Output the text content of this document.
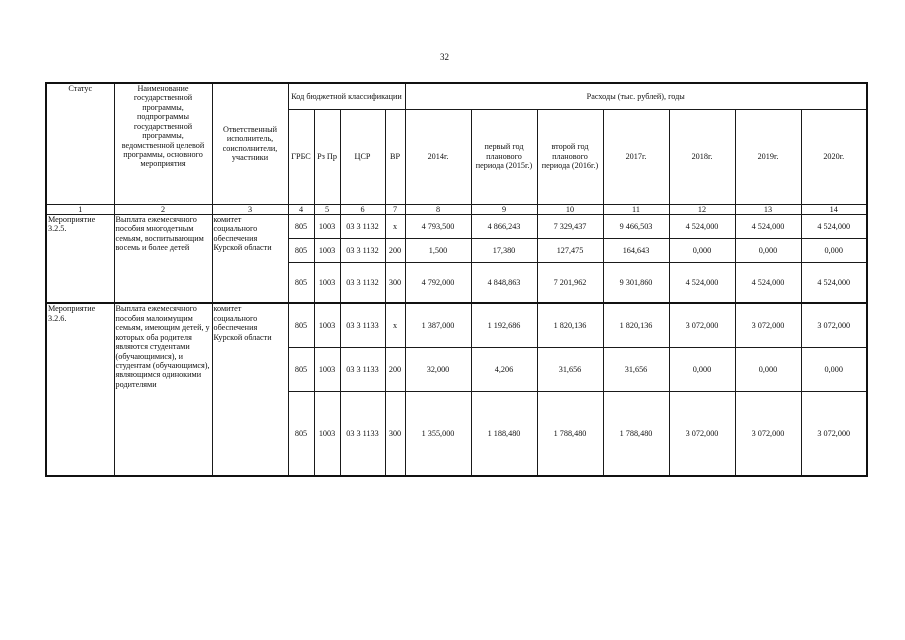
32
Статус	Наименование государственной программы, подпрограммы государственной программы, ведомственной целевой программы, основного мероприятия	Ответственный исполнитель, соисполнители, участники	Код бюджетной классификации				Расходы (тыс. рублей), годы						
			ГРБС	Рз Пр	ЦСР	ВР	2014г.	первый год планового периода (2015г.)	второй год планового периода (2016г.)	2017г.	2018г.	2019г.	2020г.
1	2	3	4	5	6	7	8	9	10	11	12	13	14
Мероприятие 3.2.5.	Выплата ежемесячного пособия многодетным семьям, воспитывающим восемь и более детей	комитет социального обеспечения Курской области	805	1003	03 3 1132	х	4 793,500	4 866,243	7 329,437	9 466,503	4 524,000	4 524,000	4 524,000
			805	1003	03 3 1132	200	1,500	17,380	127,475	164,643	0,000	0,000	0,000
			805	1003	03 3 1132	300	4 792,000	4 848,863	7 201,962	9 301,860	4 524,000	4 524,000	4 524,000
Мероприятие 3.2.6.	Выплата ежемесячного пособия малоимущим семьям, имеющим детей, у которых оба родителя являются студентами (обучающимися), и студентам (обучающимся), являющимся одинокими родителями	комитет социального обеспечения Курской области	805	1003	03 3 1133	х	1 387,000	1 192,686	1 820,136	1 820,136	3 072,000	3 072,000	3 072,000
			805	1003	03 3 1133	200	32,000	4,206	31,656	31,656	0,000	0,000	0,000
			805	1003	03 3 1133	300	1 355,000	1 188,480	1 788,480	1 788,480	3 072,000	3 072,000	3 072,000
